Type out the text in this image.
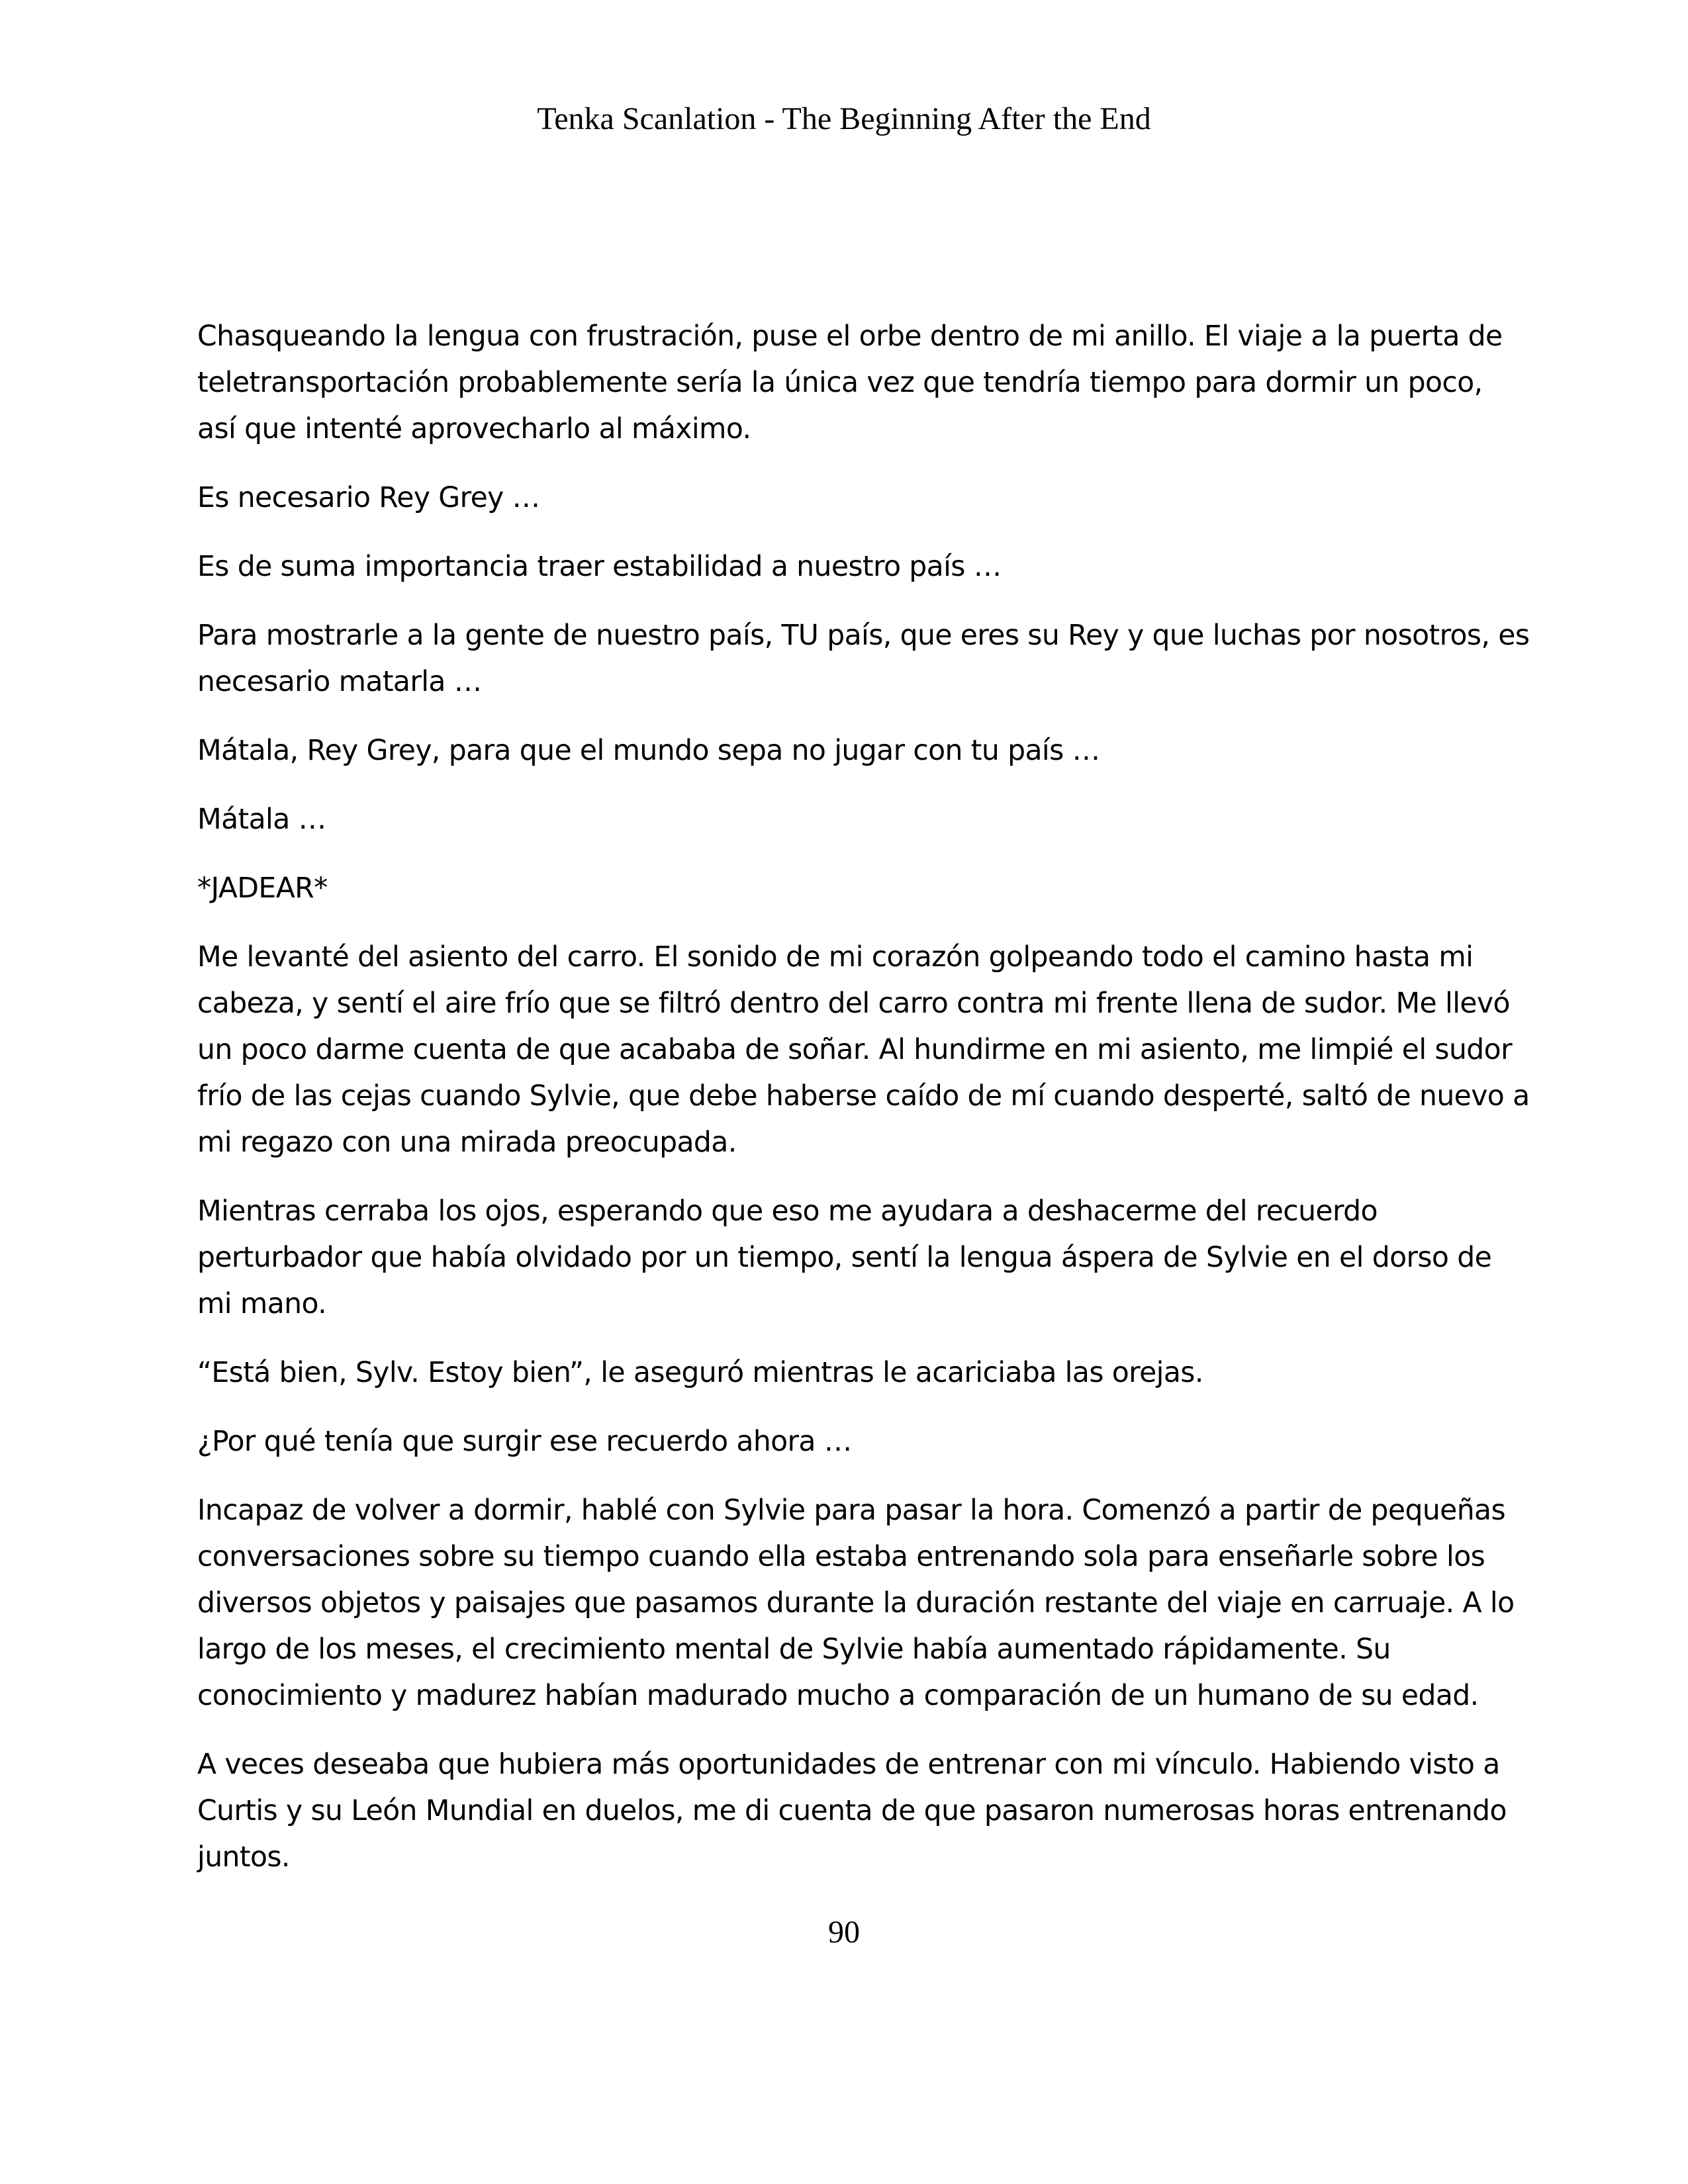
Tenka Scanlation - The Beginning After the End

Chasqueando la lengua con frustración, puse el orbe dentro de mi anillo. El viaje a la puerta de
teletransportación probablemente sería la única vez que tendría tiempo para dormir un poco,
así que intenté aprovecharlo al máximo.

Es necesario Rey Grey …

Es de suma importancia traer estabilidad a nuestro país …

Para mostrarle a la gente de nuestro país, TU país, que eres su Rey y que luchas por nosotros, es
necesario matarla …

Mátala, Rey Grey, para que el mundo sepa no jugar con tu país …

Mátala …

*JADEAR*

Me levanté del asiento del carro. El sonido de mi corazón golpeando todo el camino hasta mi
cabeza, y sentí el aire frío que se filtró dentro del carro contra mi frente llena de sudor. Me llevó
un poco darme cuenta de que acababa de soñar. Al hundirme en mi asiento, me limpié el sudor
frío de las cejas cuando Sylvie, que debe haberse caído de mí cuando desperté, saltó de nuevo a
mi regazo con una mirada preocupada.

Mientras cerraba los ojos, esperando que eso me ayudara a deshacerme del recuerdo
perturbador que había olvidado por un tiempo, sentí la lengua áspera de Sylvie en el dorso de
mi mano.

“Está bien, Sylv. Estoy bien”, le aseguró mientras le acariciaba las orejas.

¿Por qué tenía que surgir ese recuerdo ahora …

Incapaz de volver a dormir, hablé con Sylvie para pasar la hora. Comenzó a partir de pequeñas
conversaciones sobre su tiempo cuando ella estaba entrenando sola para enseñarle sobre los
diversos objetos y paisajes que pasamos durante la duración restante del viaje en carruaje. A lo
largo de los meses, el crecimiento mental de Sylvie había aumentado rápidamente. Su
conocimiento y madurez habían madurado mucho a comparación de un humano de su edad.

A veces deseaba que hubiera más oportunidades de entrenar con mi vínculo. Habiendo visto a
Curtis y su León Mundial en duelos, me di cuenta de que pasaron numerosas horas entrenando
juntos.

90
